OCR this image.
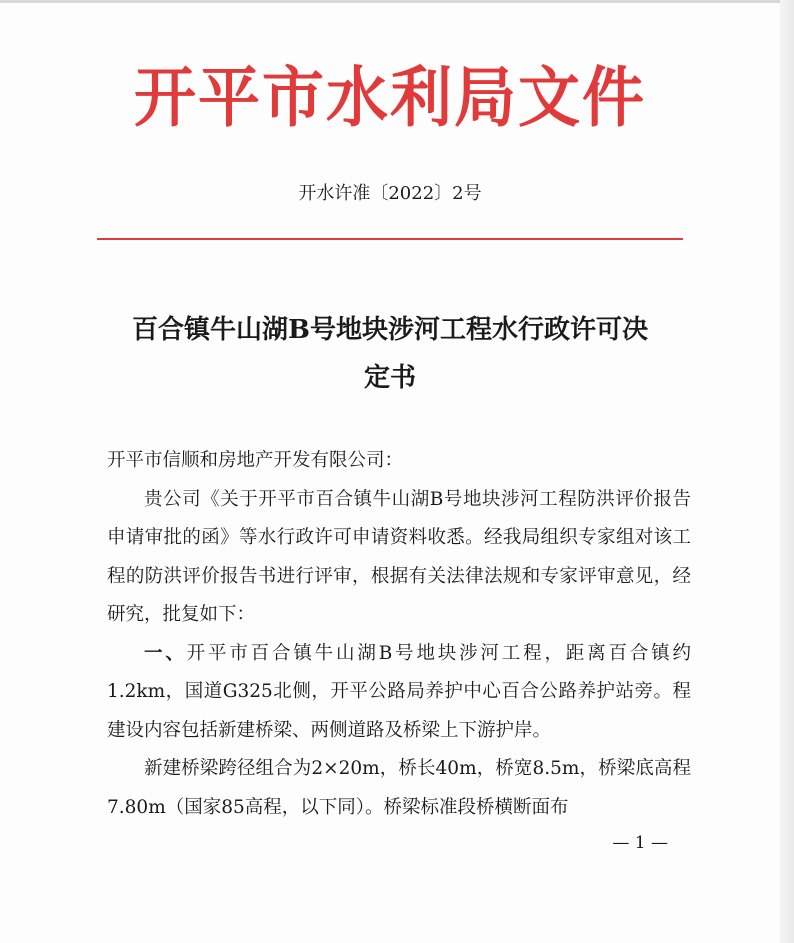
开平市水利局文件
开水许准〔2022〕2号
百合镇牛山湖B号地块涉河工程水行政许可决
定书

开平市信顺和房地产开发有限公司：

贵公司《关于开平市百合镇牛山湖B号地块涉河工程防洪评价报告申请审批的函》等水行政许可申请资料收悉。经我局组织专家组对该工程的防洪评价报告书进行评审，根据有关法律法规和专家评审意见，经研究，批复如下：

一、开平市百合镇牛山湖B号地块涉河工程，距离百合镇约1.2km，国道G325北侧，开平公路局养护中心百合公路养护站旁。程建设内容包括新建桥梁、两侧道路及桥梁上下游护岸。

新建桥梁跨径组合为2×20m，桥长40m，桥宽8.5m，桥梁底高程7.80m（国家85高程，以下同）。桥梁标准段桥横断面布

— 1 —
